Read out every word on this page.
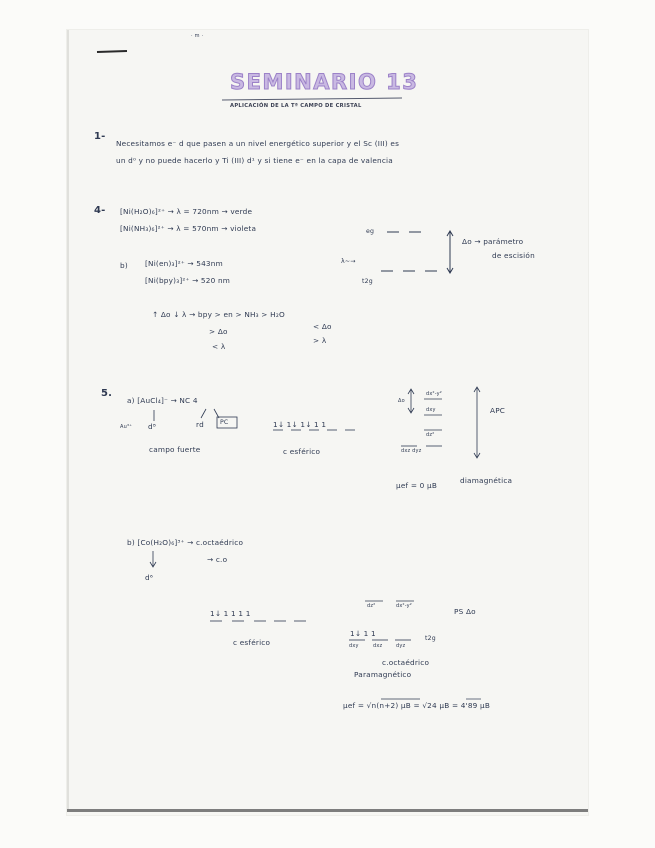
· m ·
SEMINARIO 13
APLICACIÓN DE LA Tª CAMPO DE CRISTAL
1-
Necesitamos e⁻ d que pasen a un nivel energético superior y el Sc (III) es
un d⁰ y no puede hacerlo y Ti (III) d¹ y si tiene e⁻ en la capa de valencia
4- [Ni(H₂O)₆]²⁺ → λ = 720nm → verde
[Ni(NH₃)₆]²⁺ → λ = 570nm → violeta
b) [Ni(en)₃]²⁺ → 543nm
[Ni(bpy)₃]²⁺ → 520 nm
↑ Δo ↓ λ → bpy > en > NH₃ > H₂O
> Δo
< Δo
< λ
> λ
eg
λ~→
t2g
Δo → parámetro
de escisión
5.
a) [AuCl₄]⁻ → NC 4
Au³⁺ d⁸	rd	PC	1↓ 1↓ 1↓ 1 1
campo fuerte	c esférico
dx²-y²
Δo
dxy
dz²
dxz dyz
APC
μef = 0 μB
diamagnética
b) [Co(H₂O)₆]³⁺ → c.octaédrico
→ c.o
d⁶
1↓ 1 1 1 1
c esférico
dz²	dx²-y²
PS Δo
1↓ 1 1
dxy	dxz	dyz
t2g
c.octaédrico
Paramagnético
μef = √n(n+2) μB = √24 μB = 4'89 μB
